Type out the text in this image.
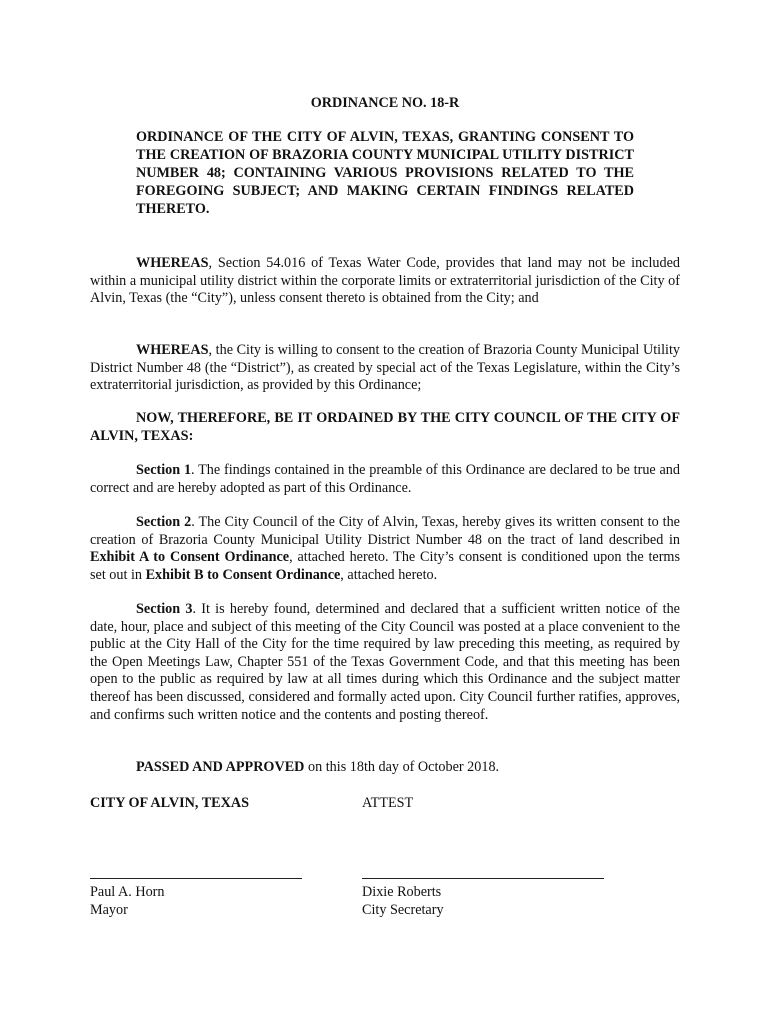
ORDINANCE NO. 18-R
ORDINANCE OF THE CITY OF ALVIN, TEXAS, GRANTING CONSENT TO THE CREATION OF BRAZORIA COUNTY MUNICIPAL UTILITY DISTRICT NUMBER 48; CONTAINING VARIOUS PROVISIONS RELATED TO THE FOREGOING SUBJECT; AND MAKING CERTAIN FINDINGS RELATED THERETO.
WHEREAS, Section 54.016 of Texas Water Code, provides that land may not be included within a municipal utility district within the corporate limits or extraterritorial jurisdiction of the City of Alvin, Texas (the “City”), unless consent thereto is obtained from the City; and
WHEREAS, the City is willing to consent to the creation of Brazoria County Municipal Utility District Number 48 (the “District”), as created by special act of the Texas Legislature, within the City’s extraterritorial jurisdiction, as provided by this Ordinance;
NOW, THEREFORE, BE IT ORDAINED BY THE CITY COUNCIL OF THE CITY OF ALVIN, TEXAS:
Section 1. The findings contained in the preamble of this Ordinance are declared to be true and correct and are hereby adopted as part of this Ordinance.
Section 2. The City Council of the City of Alvin, Texas, hereby gives its written consent to the creation of Brazoria County Municipal Utility District Number 48 on the tract of land described in Exhibit A to Consent Ordinance, attached hereto. The City’s consent is conditioned upon the terms set out in Exhibit B to Consent Ordinance, attached hereto.
Section 3. It is hereby found, determined and declared that a sufficient written notice of the date, hour, place and subject of this meeting of the City Council was posted at a place convenient to the public at the City Hall of the City for the time required by law preceding this meeting, as required by the Open Meetings Law, Chapter 551 of the Texas Government Code, and that this meeting has been open to the public as required by law at all times during which this Ordinance and the subject matter thereof has been discussed, considered and formally acted upon. City Council further ratifies, approves, and confirms such written notice and the contents and posting thereof.
PASSED AND APPROVED on this 18th day of October 2018.
CITY OF ALVIN, TEXAS	ATTEST
Paul A. Horn
Mayor
Dixie Roberts
City Secretary
